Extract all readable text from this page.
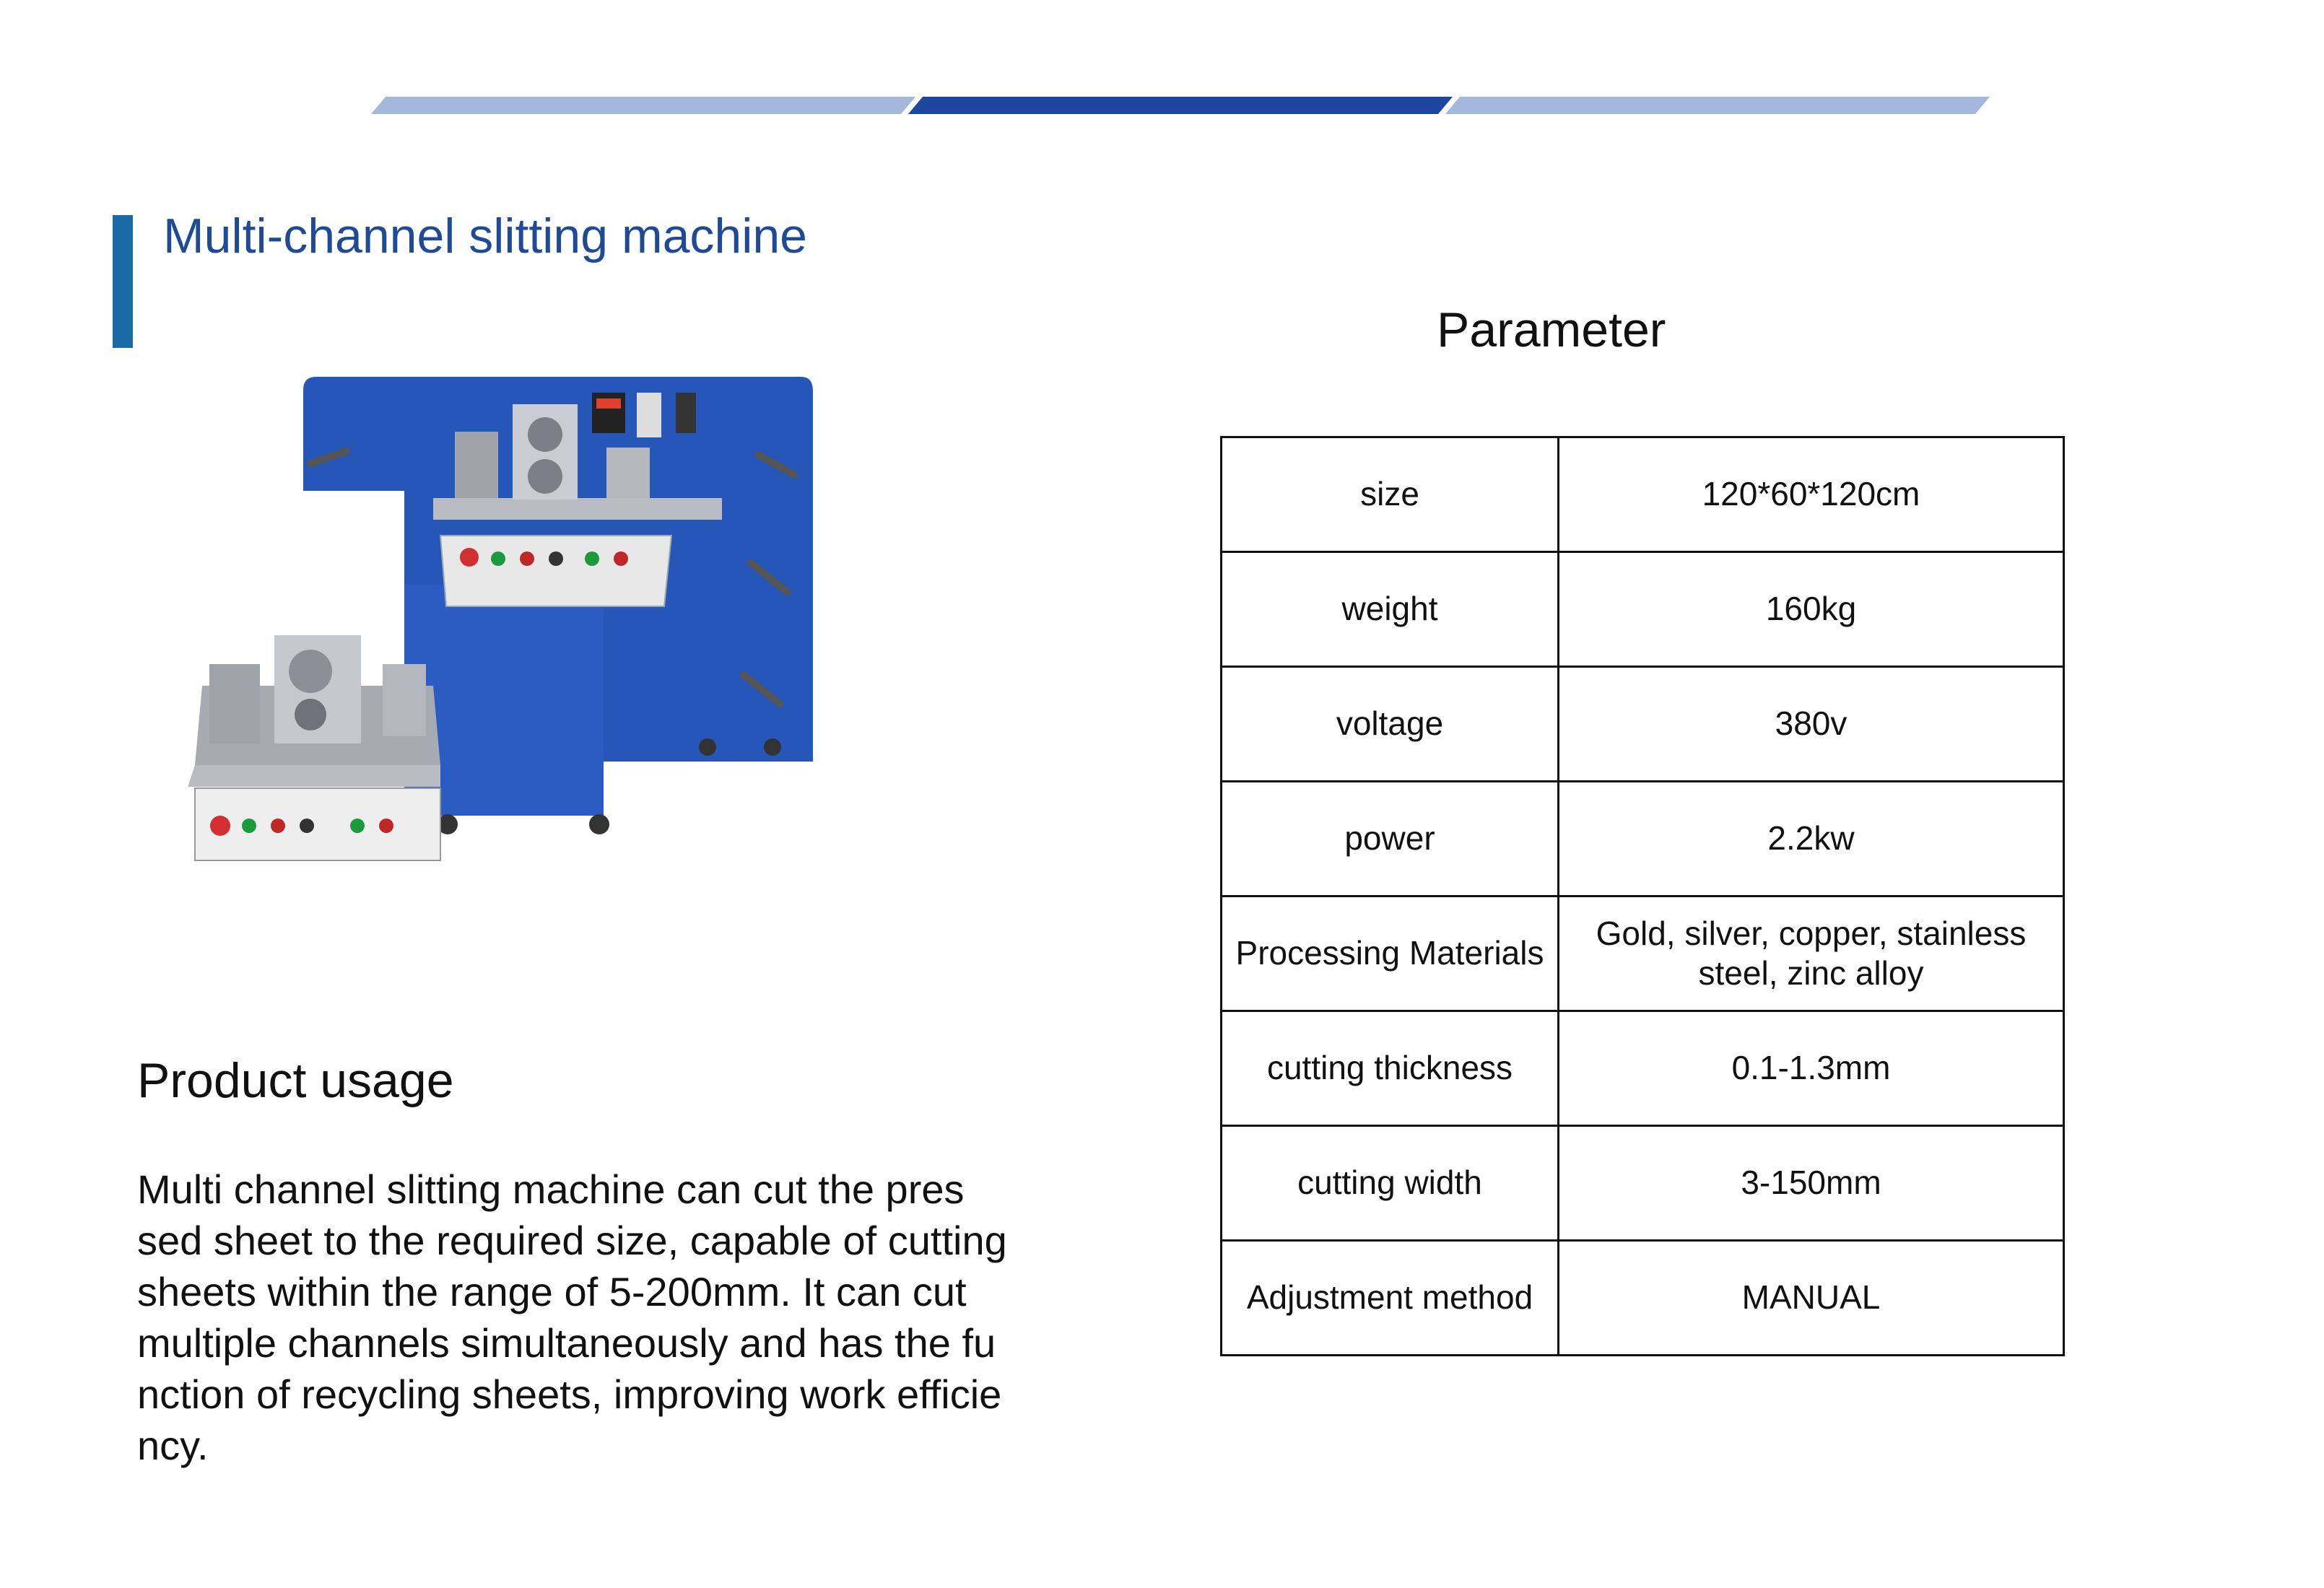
Multi-channel slitting machine
Parameter
size	120*60*120cm
weight	160kg
voltage	380v
power	2.2kw
Processing Materials	Gold, silver, copper, stainless steel, zinc alloy
cutting thickness	0.1-1.3mm
cutting width	3-150mm
Adjustment method	MANUAL
Product usage
Multi channel slitting machine can cut the pres
sed sheet to the required size, capable of cutting
sheets within the range of 5-200mm. It can cut
multiple channels simultaneously and has the fu
nction of recycling sheets, improving work efficie
ncy.
